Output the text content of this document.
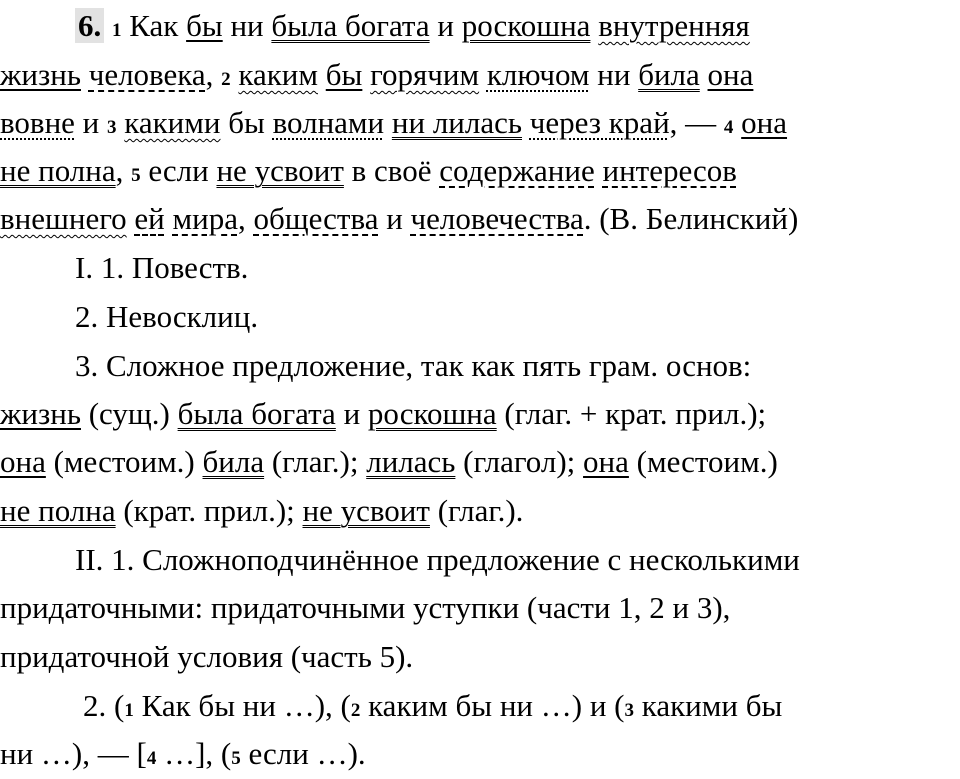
6. 1 Как бы ни была богата и роскошна внутренняя
жизнь человека, 2 каким бы горячим ключом ни била она
вовне и 3 какими бы волнами ни лилась через край, — 4 она
не полна, 5 если не усвоит в своё содержание интересов
внешнего ей мира, общества и человечества. (В. Белинский)
I. 1. Повеств.
2. Невосклиц.
3. Сложное предложение, так как пять грам. основ:
жизнь (сущ.) была богата и роскошна (глаг. + крат. прил.);
она (местоим.) била (глаг.); лилась (глагол); она (местоим.)
не полна (крат. прил.); не усвоит (глаг.).
II. 1. Сложноподчинённое предложение с несколькими
придаточными: придаточными уступки (части 1, 2 и 3),
придаточной условия (часть 5).
2. (1 Как бы ни …), (2 каким бы ни …) и (3 какими бы
ни …), — [4 …], (5 если …).
